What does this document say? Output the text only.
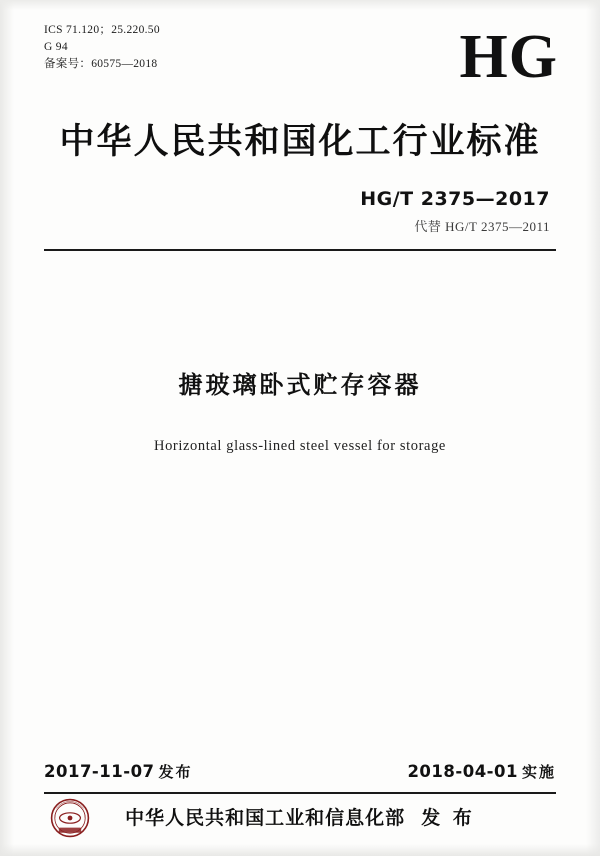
ICS 71.120；25.220.50
G 94
备案号：60575—2018	HG
中华人民共和国化工行业标准
HG/T 2375—2017
代替 HG/T 2375—2011
搪玻璃卧式贮存容器
Horizontal glass-lined steel vessel for storage
2017-11-07 发布	2018-04-01 实施
中华人民共和国工业和信息化部 发 布
